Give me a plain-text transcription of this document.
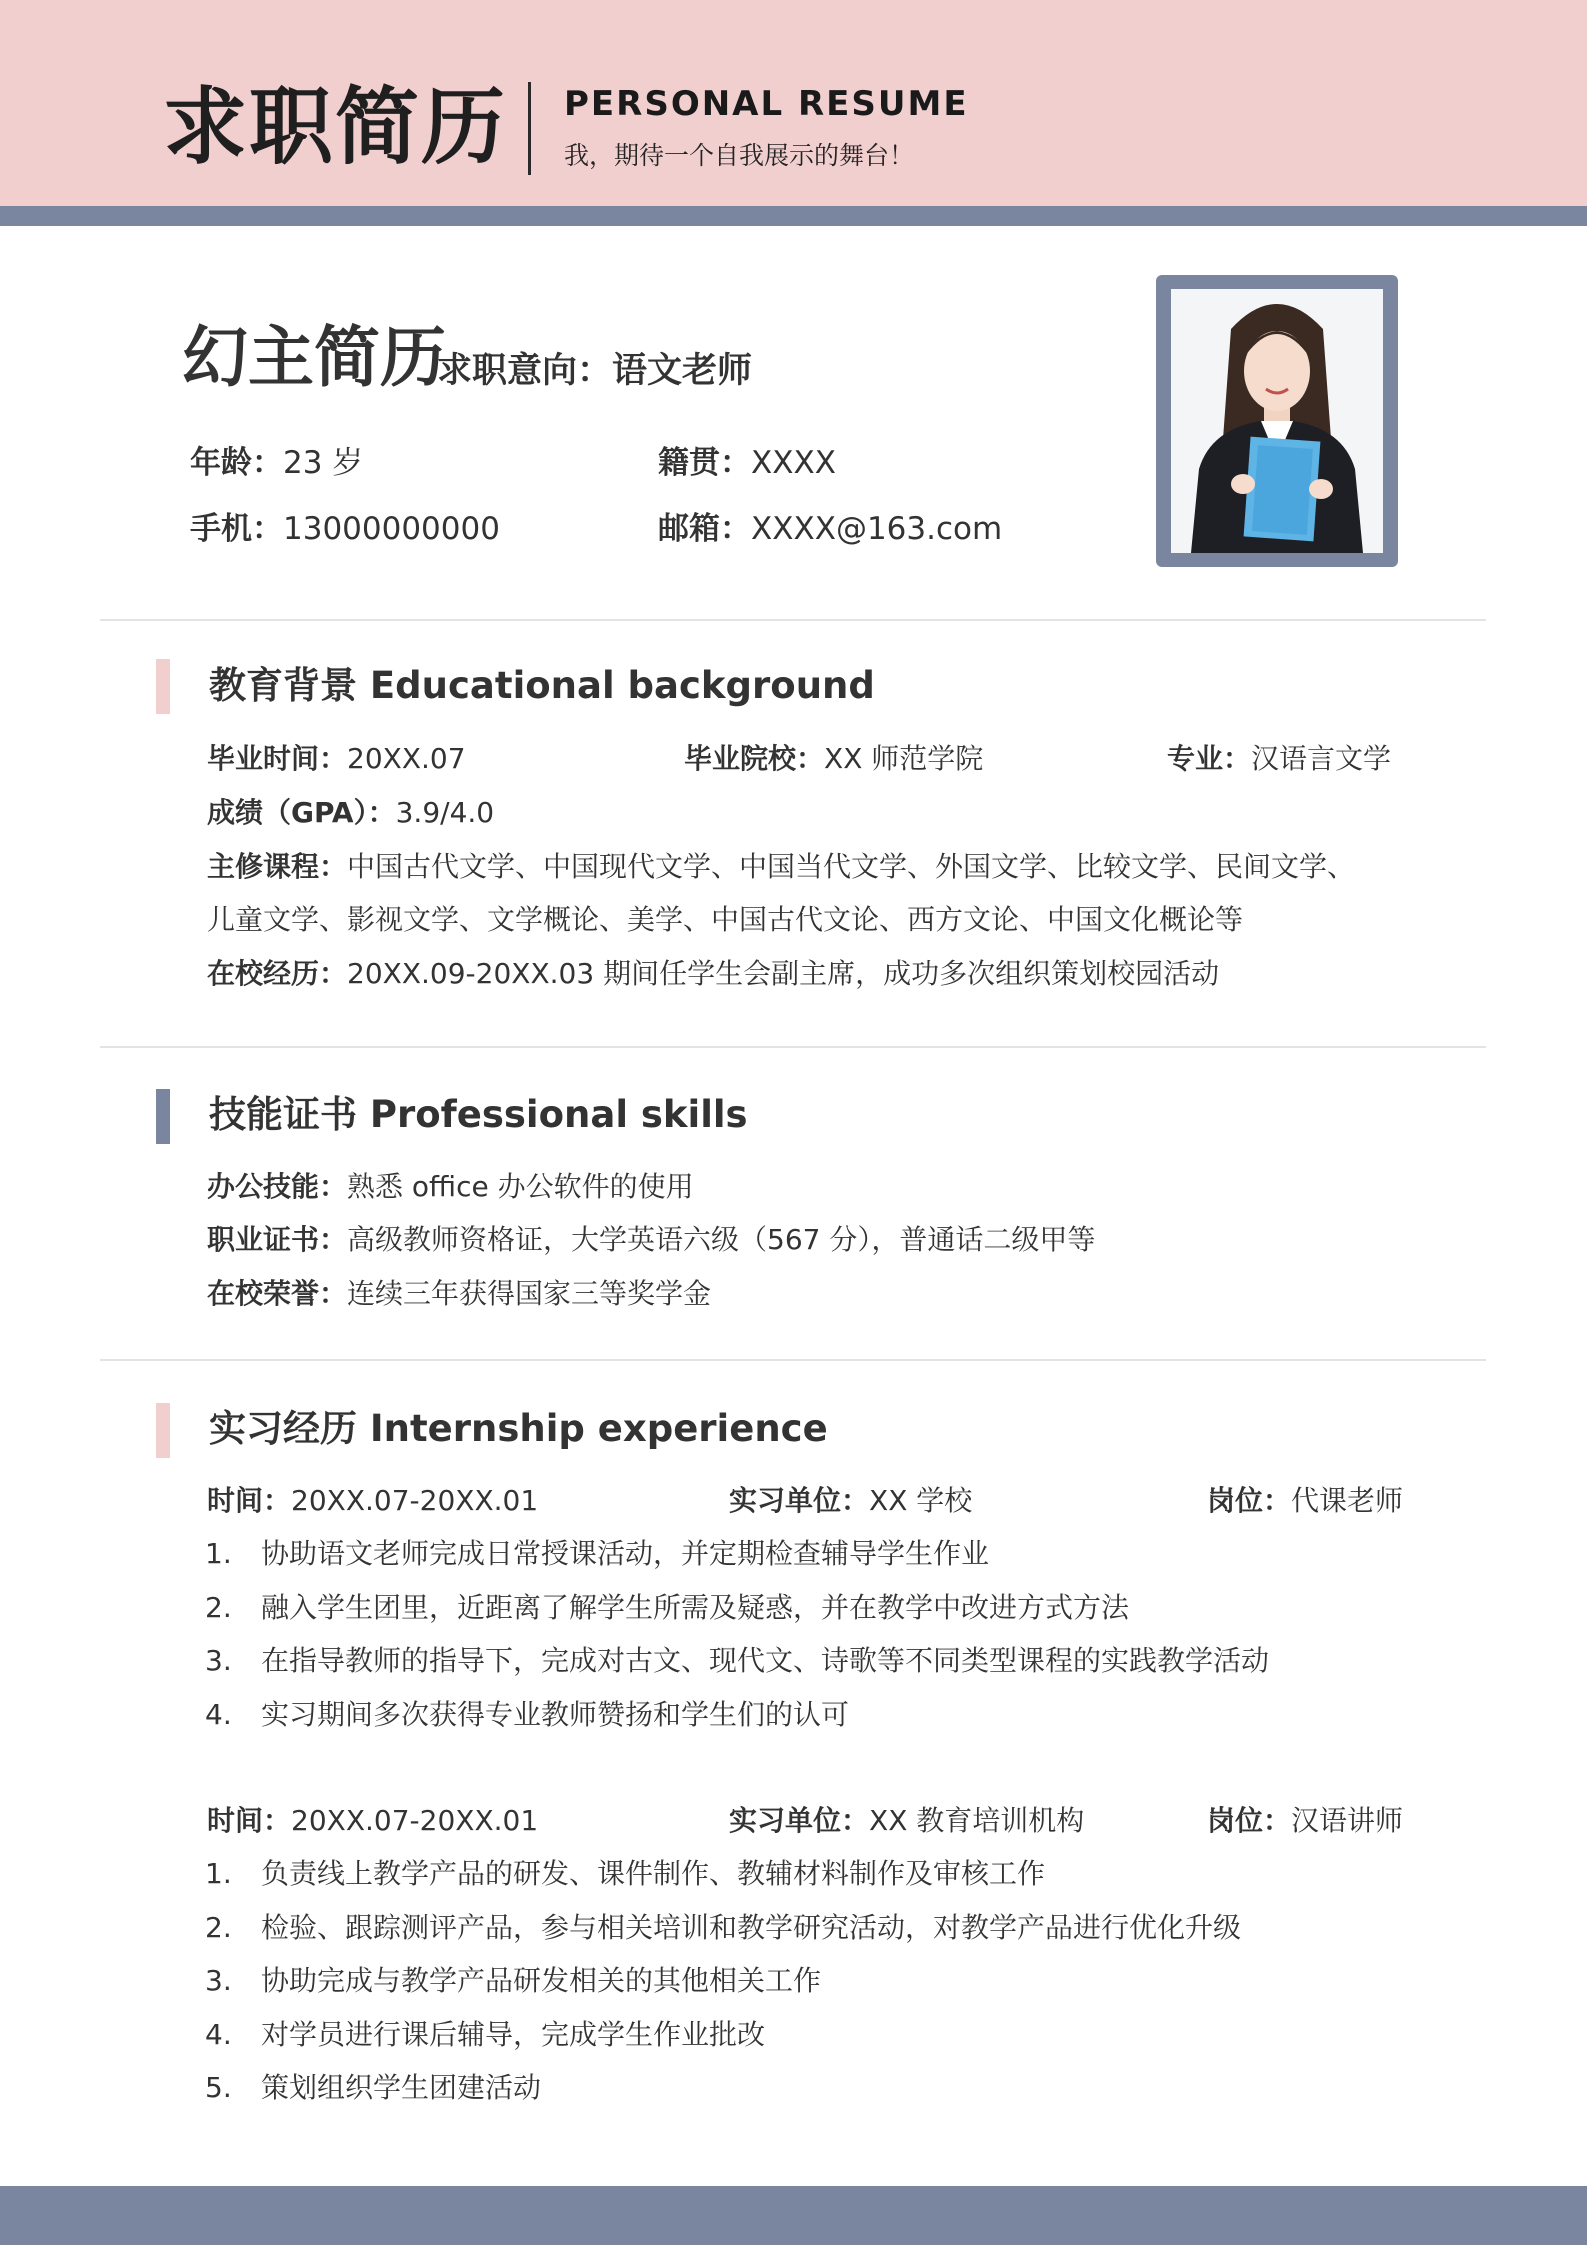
求职简历 PERSONAL RESUME
我，期待一个自我展示的舞台！
幻主简历
求职意向：语文老师
年龄：23 岁	籍贯：XXXX
手机：13000000000	邮箱：XXXX@163.com
教育背景 Educational background
毕业时间：20XX.07	毕业院校：XX 师范学院	专业：汉语言文学
成绩（GPA）：3.9/4.0
主修课程：中国古代文学、中国现代文学、中国当代文学、外国文学、比较文学、民间文学、
儿童文学、影视文学、文学概论、美学、中国古代文论、西方文论、中国文化概论等
在校经历：20XX.09-20XX.03 期间任学生会副主席，成功多次组织策划校园活动
技能证书 Professional skills
办公技能：熟悉 office 办公软件的使用
职业证书：高级教师资格证，大学英语六级（567 分），普通话二级甲等
在校荣誉：连续三年获得国家三等奖学金
实习经历 Internship experience
时间：20XX.07-20XX.01	实习单位：XX 学校	岗位：代课老师
1. 协助语文老师完成日常授课活动，并定期检查辅导学生作业
2. 融入学生团里，近距离了解学生所需及疑惑，并在教学中改进方式方法
3. 在指导教师的指导下，完成对古文、现代文、诗歌等不同类型课程的实践教学活动
4. 实习期间多次获得专业教师赞扬和学生们的认可
时间：20XX.07-20XX.01	实习单位：XX 教育培训机构	岗位：汉语讲师
1. 负责线上教学产品的研发、课件制作、教辅材料制作及审核工作
2. 检验、跟踪测评产品，参与相关培训和教学研究活动，对教学产品进行优化升级
3. 协助完成与教学产品研发相关的其他相关工作
4. 对学员进行课后辅导，完成学生作业批改
5. 策划组织学生团建活动
